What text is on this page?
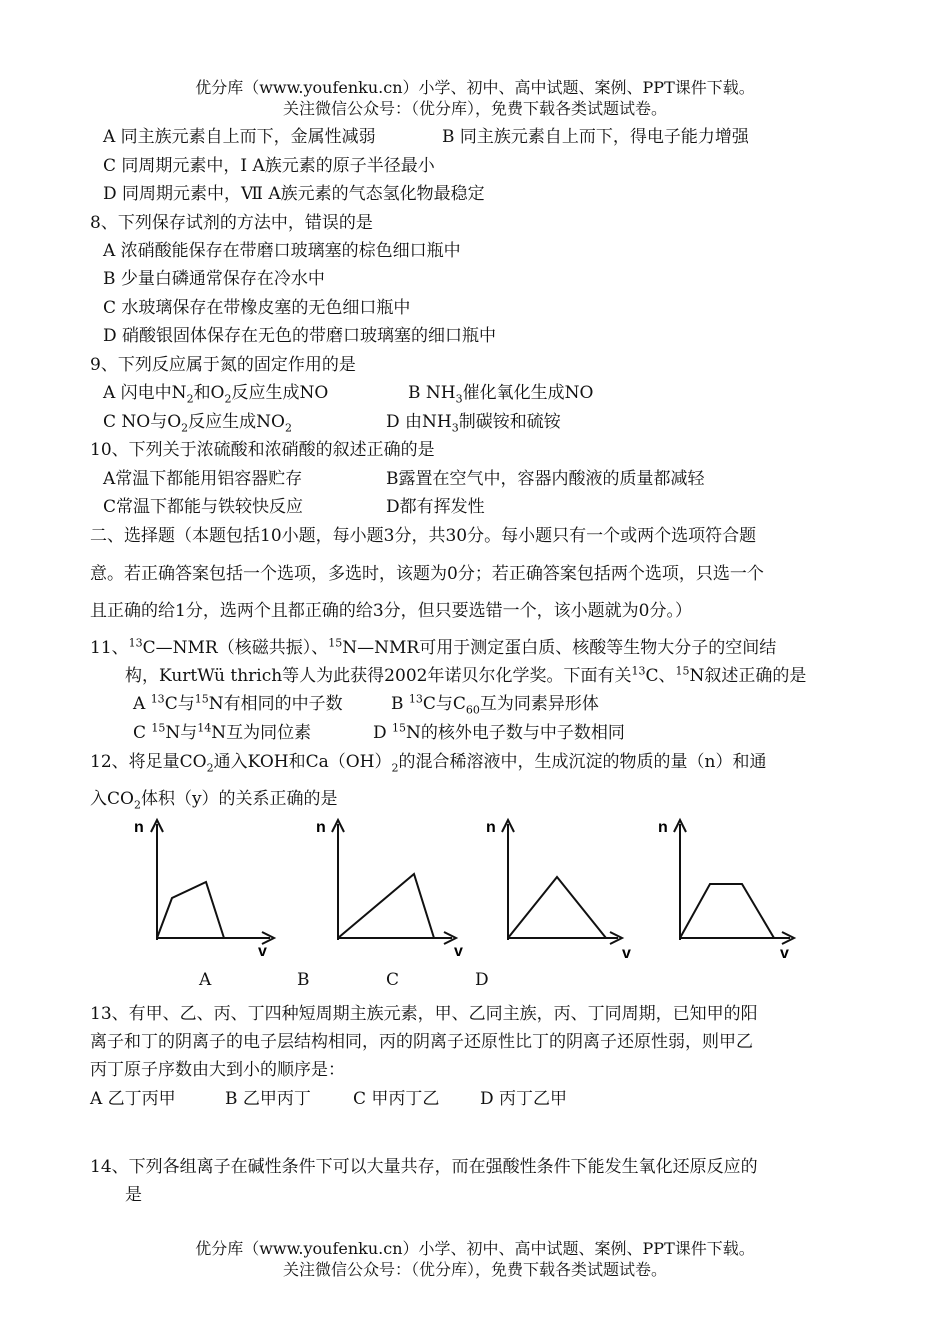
优分库（www.youfenku.cn）小学、初中、高中试题、案例、PPT课件下载。
关注微信公众号：（优分库），免费下载各类试题试卷。
A 同主族元素自上而下，金属性减弱	B 同主族元素自上而下，得电子能力增强
C 同周期元素中，Ⅰ A族元素的原子半径最小
D 同周期元素中，Ⅶ A族元素的气态氢化物最稳定
8、下列保存试剂的方法中，错误的是
A 浓硝酸能保存在带磨口玻璃塞的棕色细口瓶中
B 少量白磷通常保存在冷水中
C 水玻璃保存在带橡皮塞的无色细口瓶中
D 硝酸银固体保存在无色的带磨口玻璃塞的细口瓶中
9、下列反应属于氮的固定作用的是
A 闪电中$N_2$和$O_2$反应生成NO	B $NH_3$催化氧化生成NO
C NO与$O_2$反应生成$NO_2$	D 由$NH_3$制碳铵和硫铵
10、下列关于浓硫酸和浓硝酸的叙述正确的是
A常温下都能用铝容器贮存	B露置在空气中，容器内酸液的质量都减轻
C常温下都能与铁较快反应	D都有挥发性
二、选择题（本题包括10小题，每小题3分，共30分。每小题只有一个或两个选项符合题
意。若正确答案包括一个选项，多选时，该题为0分；若正确答案包括两个选项，只选一个
且正确的给1分，选两个且都正确的给3分，但只要选错一个，该小题就为0分。）
11、$^{13}$C—NMR（核磁共振）、$^{15}$N—NMR可用于测定蛋白质、核酸等生物大分子的空间结
构，KurtWü thrich等人为此获得2002年诺贝尔化学奖。下面有关$^{13}$C、$^{15}$N叙述正确的是
A $^{13}$C与$^{15}$N有相同的中子数	B $^{13}$C与$C_{60}$互为同素异形体
C $^{15}$N与$^{14}$N互为同位素	D $^{15}$N的核外电子数与中子数相同
12、将足量$CO_2$通入KOH和$Ca(OH)_2$的混合稀溶液中，生成沉淀的物质的量（n）和通
入$CO_2$体积（y）的关系正确的是
n
v
n
v
n
v
n
v
A	B	C	D
13、有甲、乙、丙、丁四种短周期主族元素，甲、乙同主族，丙、丁同周期，已知甲的阳
离子和丁的阴离子的电子层结构相同，丙的阴离子还原性比丁的阴离子还原性弱，则甲乙
丙丁原子序数由大到小的顺序是：
A 乙丁丙甲	B 乙甲丙丁 C 甲丙丁乙 D 丙丁乙甲
14、下列各组离子在碱性条件下可以大量共存，而在强酸性条件下能发生氧化还原反应的
是
优分库（www.youfenku.cn）小学、初中、高中试题、案例、PPT课件下载。
关注微信公众号：（优分库），免费下载各类试题试卷。
